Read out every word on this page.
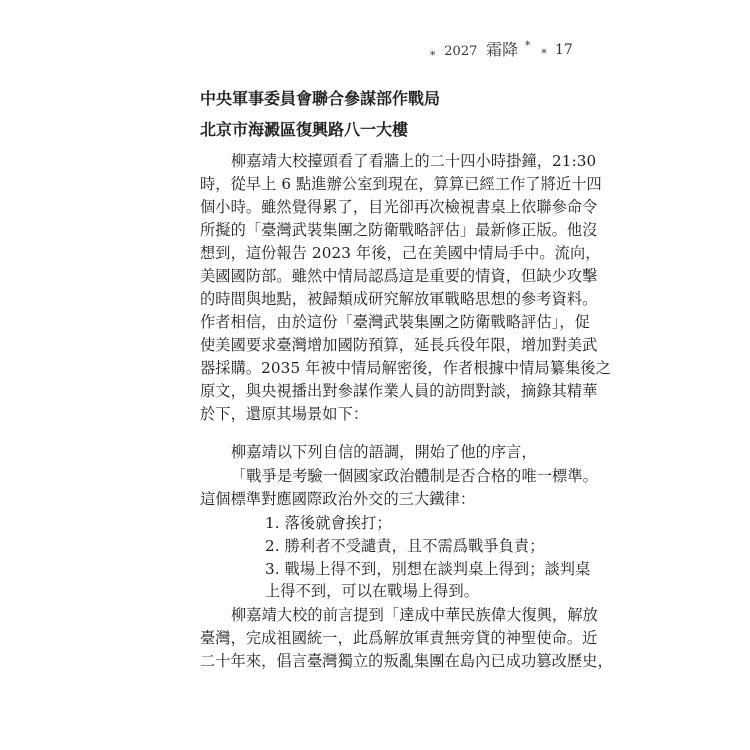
$_*$ 2027 霜降 * * 17
中央軍事委員會聯合參謀部作戰局
北京市海澱區復興路八一大樓
柳嘉靖大校擡頭看了看牆上的二十四小時掛鐘，21:30
時，從早上 6 點進辦公室到現在，算算已經工作了將近十四
個小時。雖然覺得累了，目光卻再次檢視書桌上依聯參命令
所擬的「臺灣武裝集團之防衛戰略評估」最新修正版。他沒
想到，這份報告 2023 年後，己在美國中情局手中。流向，
美國國防部。雖然中情局認爲這是重要的情資，但缺少攻擊
的時間與地點，被歸類成研究解放軍戰略思想的參考資料。
作者相信，由於這份「臺灣武裝集團之防衛戰略評估」，促
使美國要求臺灣增加國防預算，延長兵役年限，增加對美武
器採購。2035 年被中情局解密後，作者根據中情局纂集後之
原文，與央視播出對參謀作業人員的訪問對談，摘錄其精華
於下，還原其場景如下：
柳嘉靖以下列自信的語調，開始了他的序言，
「戰爭是考驗一個國家政治體制是否合格的唯一標準。
這個標準對應國際政治外交的三大鐵律：
1. 落後就會挨打；
2. 勝利者不受譴責，且不需爲戰爭負責；
3. 戰場上得不到，別想在談判桌上得到；談判桌
上得不到，可以在戰場上得到。
柳嘉靖大校的前言提到「達成中華民族偉大復興，解放
臺灣，完成祖國統一，此爲解放軍責無旁貸的神聖使命。近
二十年來，倡言臺灣獨立的叛亂集團在島內已成功篡改歷史，
